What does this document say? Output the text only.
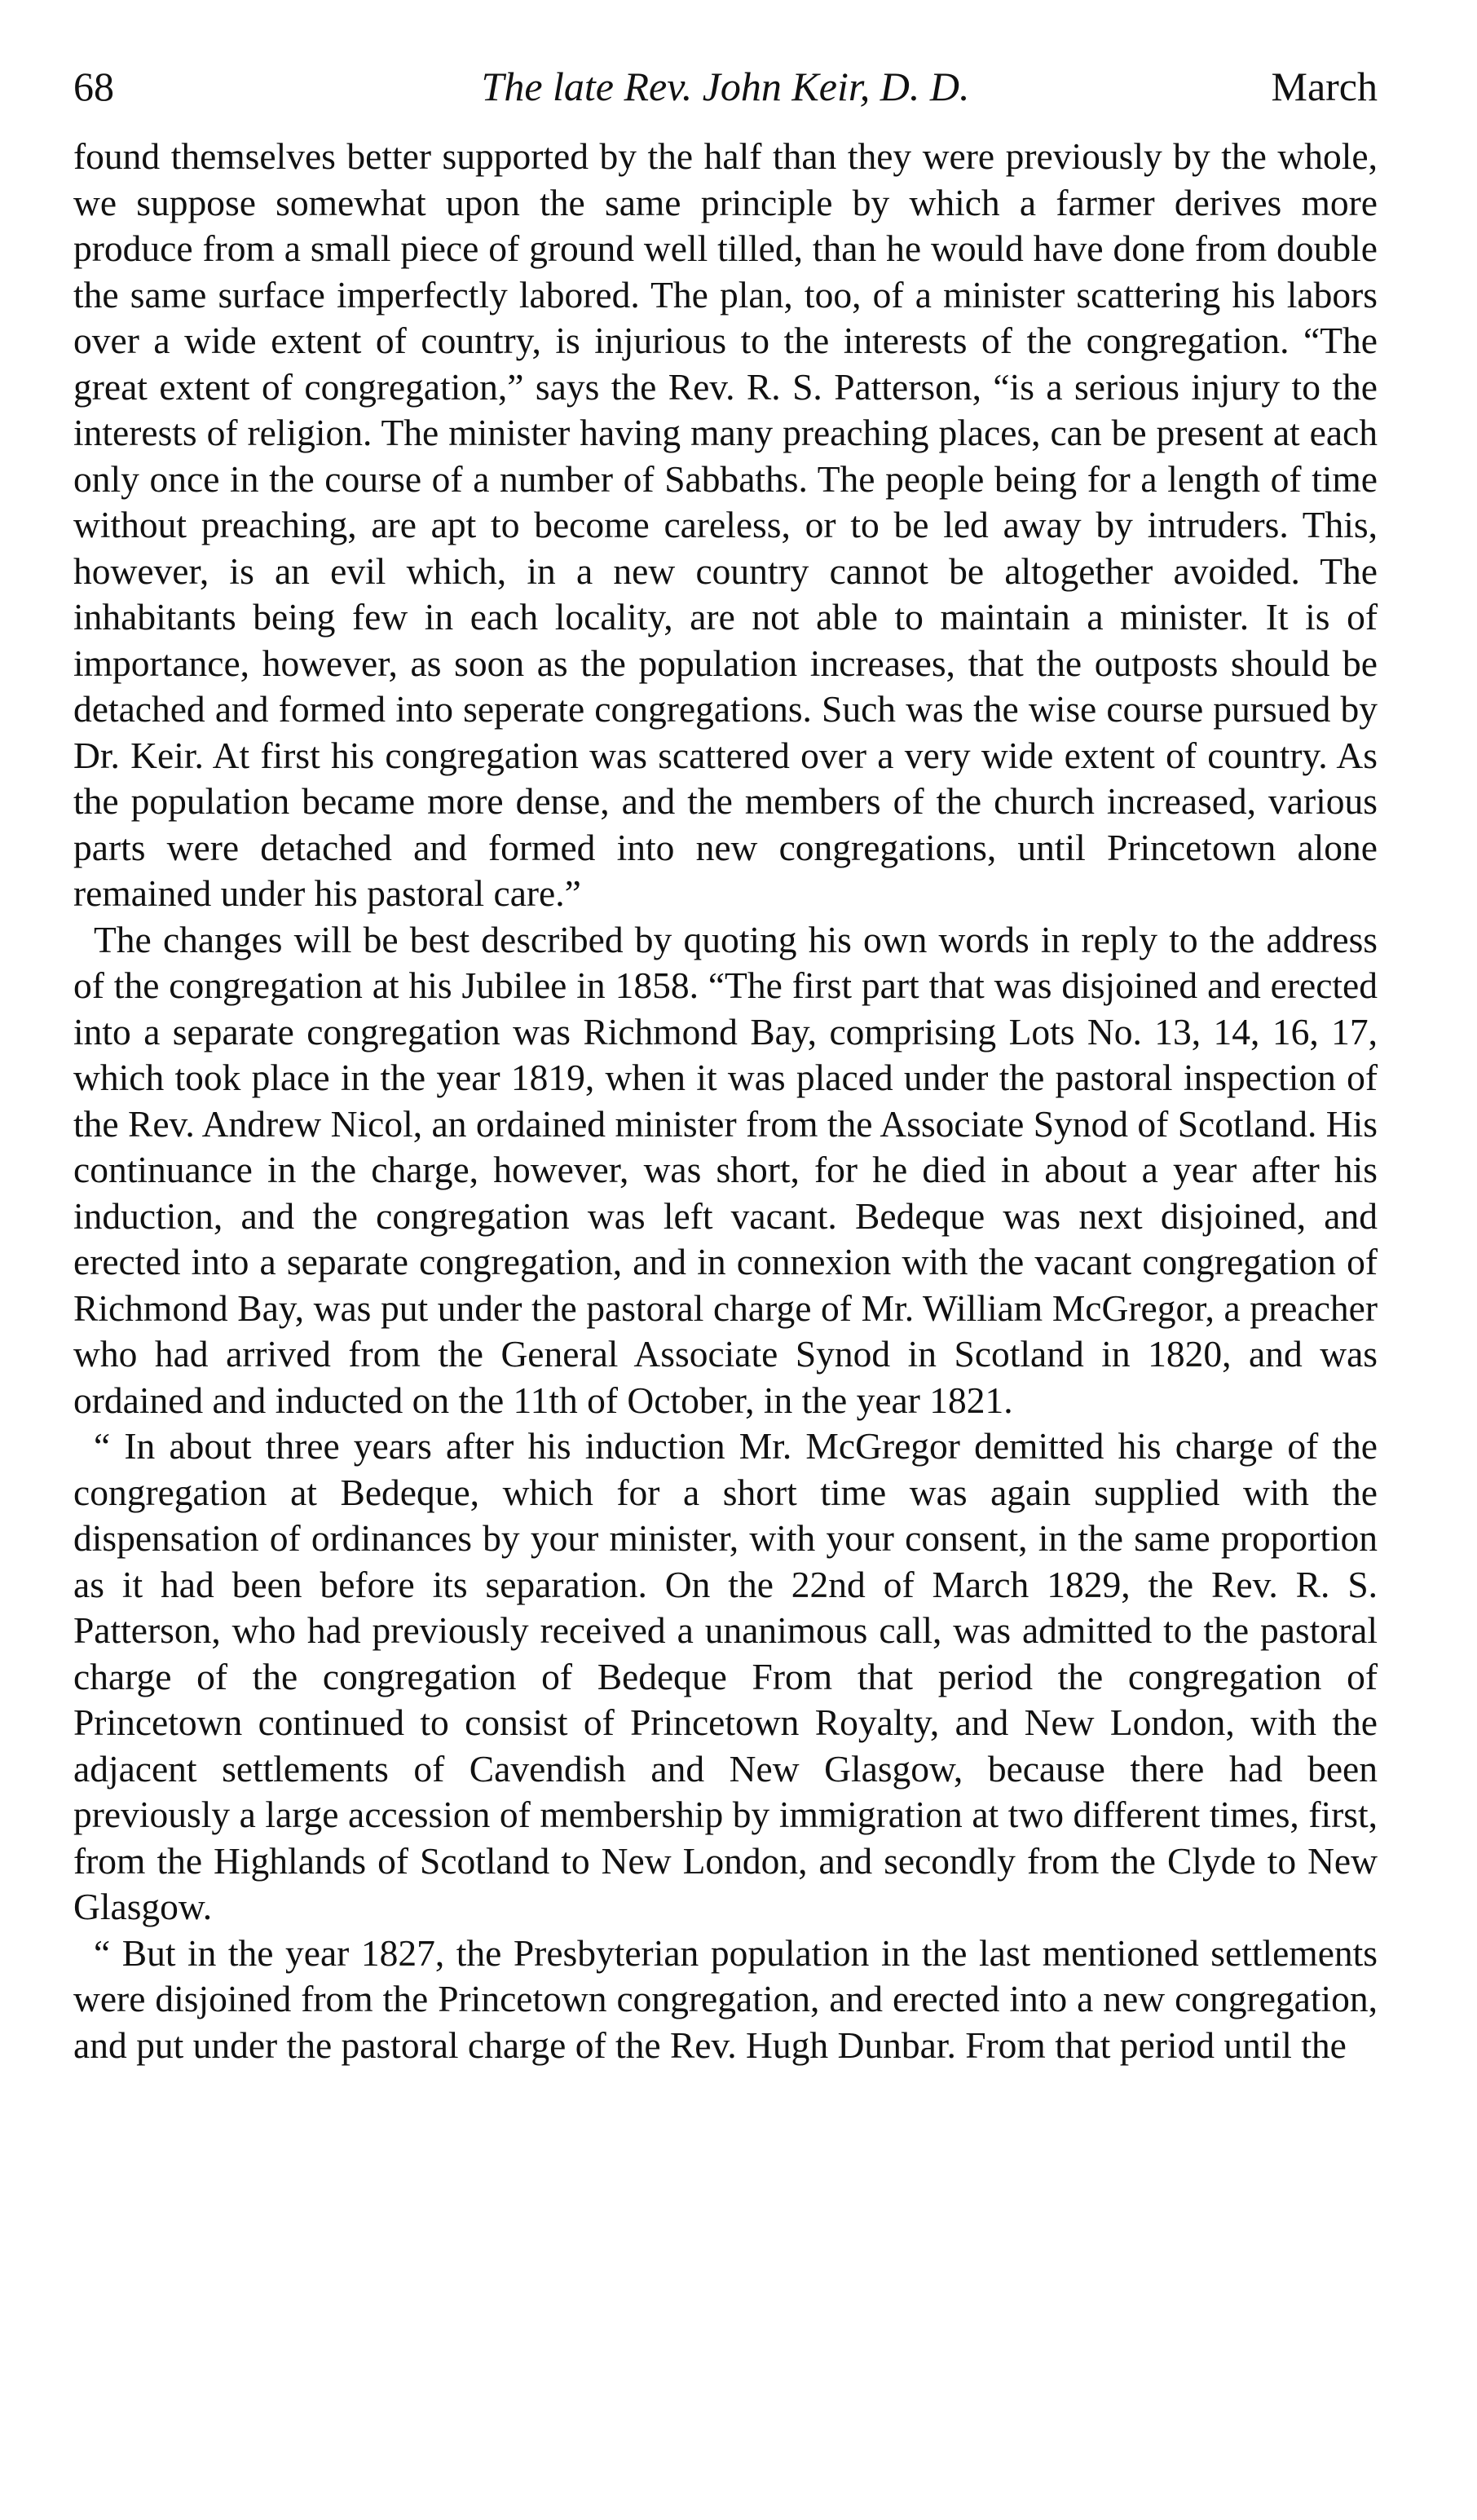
68	The late Rev. John Keir, D. D.	March

found themselves better supported by the half than they were previously by the whole, we suppose somewhat upon the same principle by which a farmer derives more produce from a small piece of ground well tilled, than he would have done from double the same surface imperfectly labored. The plan, too, of a minister scattering his labors over a wide extent of country, is injurious to the interests of the congregation. “The great extent of congregation,” says the Rev. R. S. Patterson, “is a serious injury to the interests of religion. The minister having many preaching places, can be present at each only once in the course of a number of Sabbaths. The people being for a length of time without preaching, are apt to become careless, or to be led away by intruders. This, however, is an evil which, in a new country cannot be altogether avoided. The inhabitants being few in each locality, are not able to maintain a minister. It is of importance, however, as soon as the population increases, that the outposts should be detached and formed into seperate congregations. Such was the wise course pursued by Dr. Keir. At first his congregation was scattered over a very wide extent of country. As the population became more dense, and the members of the church increased, various parts were detached and formed into new congregations, until Princetown alone remained under his pastoral care.”

The changes will be best described by quoting his own words in reply to the address of the congregation at his Jubilee in 1858. “The first part that was disjoined and erected into a separate congregation was Richmond Bay, comprising Lots No. 13, 14, 16, 17, which took place in the year 1819, when it was placed under the pastoral inspection of the Rev. Andrew Nicol, an ordained minister from the Associate Synod of Scotland. His continuance in the charge, however, was short, for he died in about a year after his induction, and the congregation was left vacant. Bedeque was next disjoined, and erected into a separate congregation, and in connexion with the vacant congregation of Richmond Bay, was put under the pastoral charge of Mr. William McGregor, a preacher who had arrived from the General Associate Synod in Scotland in 1820, and was ordained and inducted on the 11th of October, in the year 1821.

“ In about three years after his induction Mr. McGregor demitted his charge of the congregation at Bedeque, which for a short time was again supplied with the dispensation of ordinances by your minister, with your consent, in the same proportion as it had been before its separation. On the 22nd of March 1829, the Rev. R. S. Patterson, who had previously received a unanimous call, was admitted to the pastoral charge of the congregation of Bedeque From that period the congregation of Princetown continued to consist of Princetown Royalty, and New London, with the adjacent settlements of Cavendish and New Glasgow, because there had been previously a large accession of membership by immigration at two different times, first, from the Highlands of Scotland to New London, and secondly from the Clyde to New Glasgow.

“ But in the year 1827, the Presbyterian population in the last mentioned settlements were disjoined from the Princetown congregation, and erected into a new congregation, and put under the pastoral charge of the Rev. Hugh Dunbar. From that period until the
